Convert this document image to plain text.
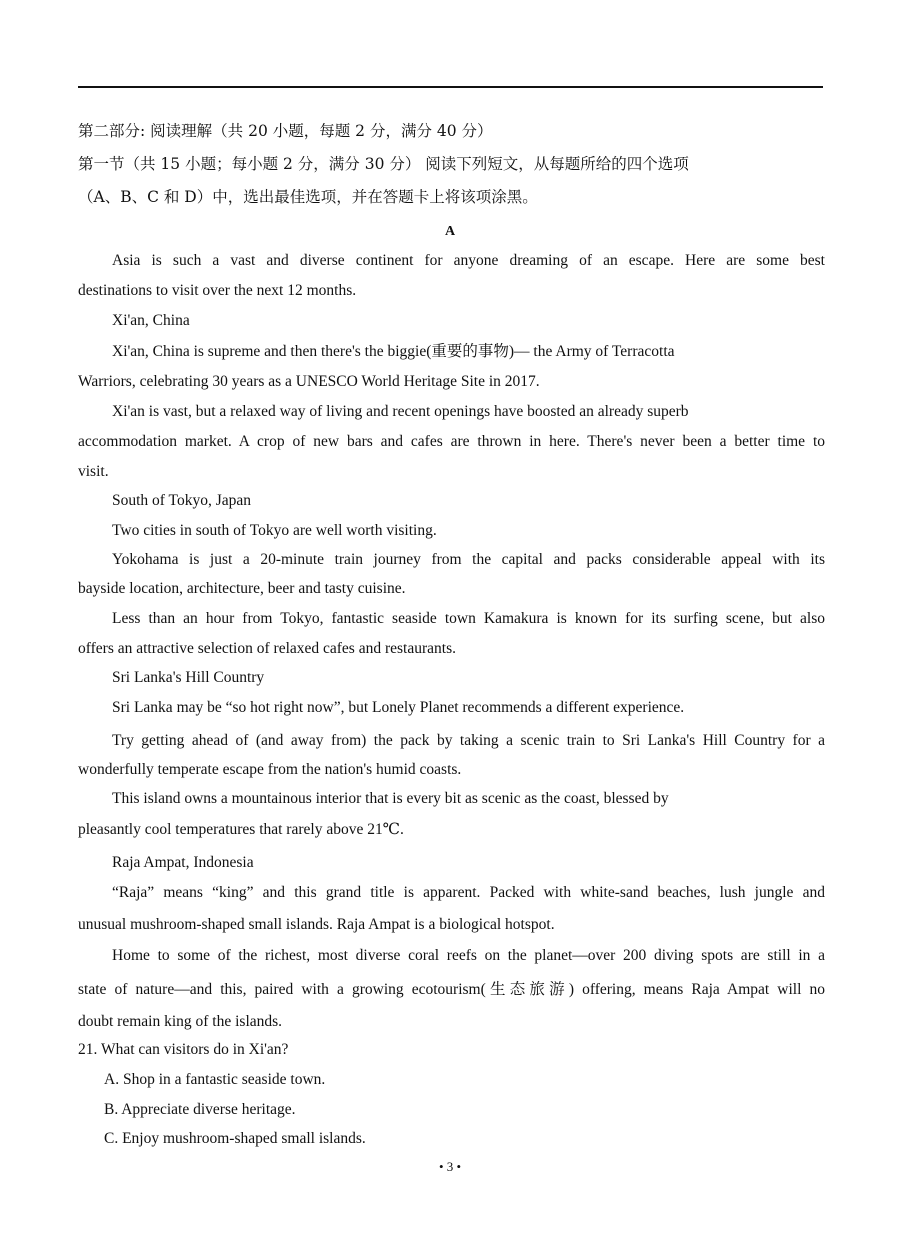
第二部分: 阅读理解（共 20 小题，每题 2 分，满分 40 分）
第一节（共 15 小题；每小题 2 分，满分 30 分） 阅读下列短文，从每题所给的四个选项
（A、B、C 和 D）中，选出最佳选项，并在答题卡上将该项涂黑。
A
Asia is such a vast and diverse continent for anyone dreaming of an escape. Here are some best
destinations to visit over the next 12 months.
Xi'an, China
Xi'an, China is supreme and then there's the biggie(重要的事物)— the Army of Terracotta
Warriors, celebrating 30 years as a UNESCO World Heritage Site in 2017.
Xi'an is vast, but a relaxed way of living and recent openings have boosted an already superb
accommodation market. A crop of new bars and cafes are thrown in here. There's never been a better time to
visit.
South of Tokyo, Japan
Two cities in south of Tokyo are well worth visiting.
Yokohama is just a 20-minute train journey from the capital and packs considerable appeal with its
bayside location, architecture, beer and tasty cuisine.
Less than an hour from Tokyo, fantastic seaside town Kamakura is known for its surfing scene, but also
offers an attractive selection of relaxed cafes and restaurants.
Sri Lanka's Hill Country
Sri Lanka may be “so hot right now”, but Lonely Planet recommends a different experience.
Try getting ahead of (and away from) the pack by taking a scenic train to Sri Lanka's Hill Country for a
wonderfully temperate escape from the nation's humid coasts.
This island owns a mountainous interior that is every bit as scenic as the coast, blessed by
pleasantly cool temperatures that rarely above 21℃.
Raja Ampat, Indonesia
“Raja” means “king” and this grand title is apparent. Packed with white-sand beaches, lush jungle and
unusual mushroom-shaped small islands. Raja Ampat is a biological hotspot.
Home to some of the richest, most diverse coral reefs on the planet—over 200 diving spots are still in a
state of nature—and this, paired with a growing ecotourism(生态旅游) offering, means Raja Ampat will no
doubt remain king of the islands.
21. What can visitors do in Xi'an?
A. Shop in a fantastic seaside town.
B. Appreciate diverse heritage.
C. Enjoy mushroom-shaped small islands.
• 3 •
